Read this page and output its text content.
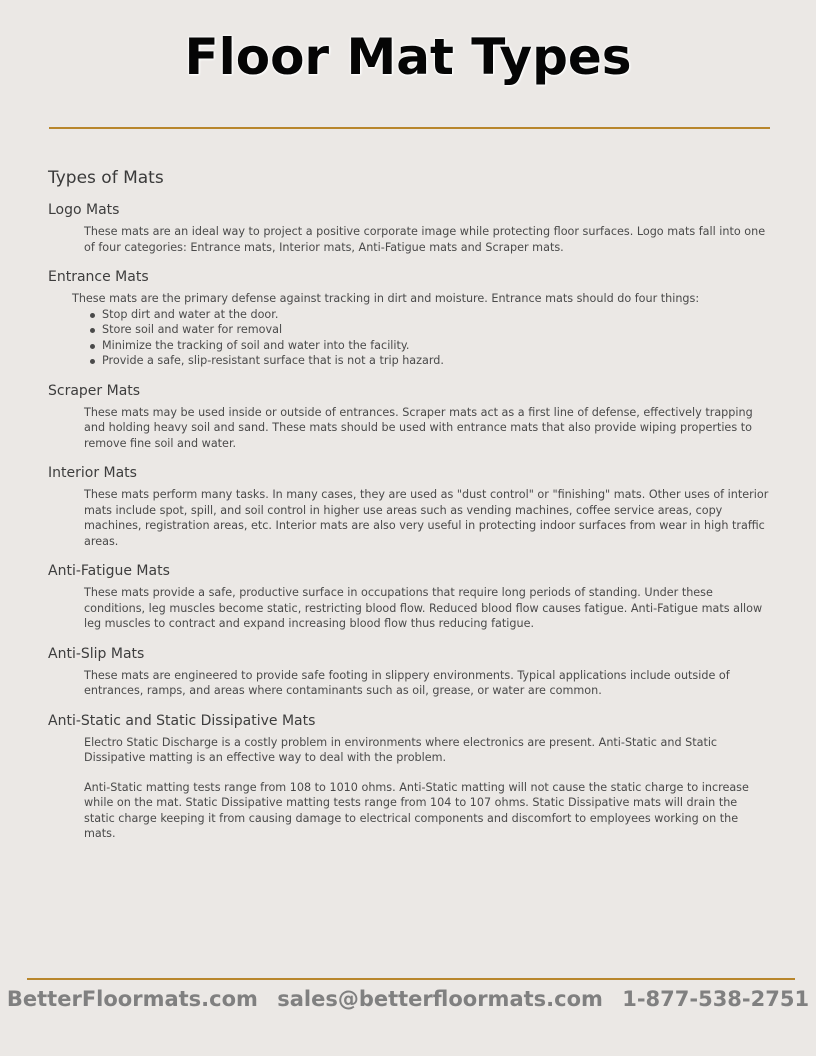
Floor Mat Types
Types of Mats
Logo Mats

These mats are an ideal way to project a positive corporate image while protecting floor surfaces. Logo mats fall into one of four categories: Entrance mats, Interior mats, Anti-Fatigue mats and Scraper mats.

Entrance Mats

These mats are the primary defense against tracking in dirt and moisture. Entrance mats should do four things:

Stop dirt and water at the door.
Store soil and water for removal
Minimize the tracking of soil and water into the facility.
Provide a safe, slip-resistant surface that is not a trip hazard.
Scraper Mats

These mats may be used inside or outside of entrances. Scraper mats act as a first line of defense, effectively trapping and holding heavy soil and sand. These mats should be used with entrance mats that also provide wiping properties to remove fine soil and water.

Interior Mats

These mats perform many tasks. In many cases, they are used as "dust control" or "finishing" mats. Other uses of interior mats include spot, spill, and soil control in higher use areas such as vending machines, coffee service areas, copy machines, registration areas, etc. Interior mats are also very useful in protecting indoor surfaces from wear in high traffic areas.

Anti-Fatigue Mats

These mats provide a safe, productive surface in occupations that require long periods of standing. Under these conditions, leg muscles become static, restricting blood flow. Reduced blood flow causes fatigue. Anti-Fatigue mats allow leg muscles to contract and expand increasing blood flow thus reducing fatigue.

Anti-Slip Mats

These mats are engineered to provide safe footing in slippery environments. Typical applications include outside of entrances, ramps, and areas where contaminants such as oil, grease, or water are common.

Anti-Static and Static Dissipative Mats

Electro Static Discharge is a costly problem in environments where electronics are present. Anti-Static and Static Dissipative matting is an effective way to deal with the problem.

Anti-Static matting tests range from 108 to 1010 ohms. Anti-Static matting will not cause the static charge to increase while on the mat. Static Dissipative matting tests range from 104 to 107 ohms. Static Dissipative mats will drain the static charge keeping it from causing damage to electrical components and discomfort to employees working on the mats.

BetterFloormats.com sales@betterfloormats.com 1-877-538-2751
